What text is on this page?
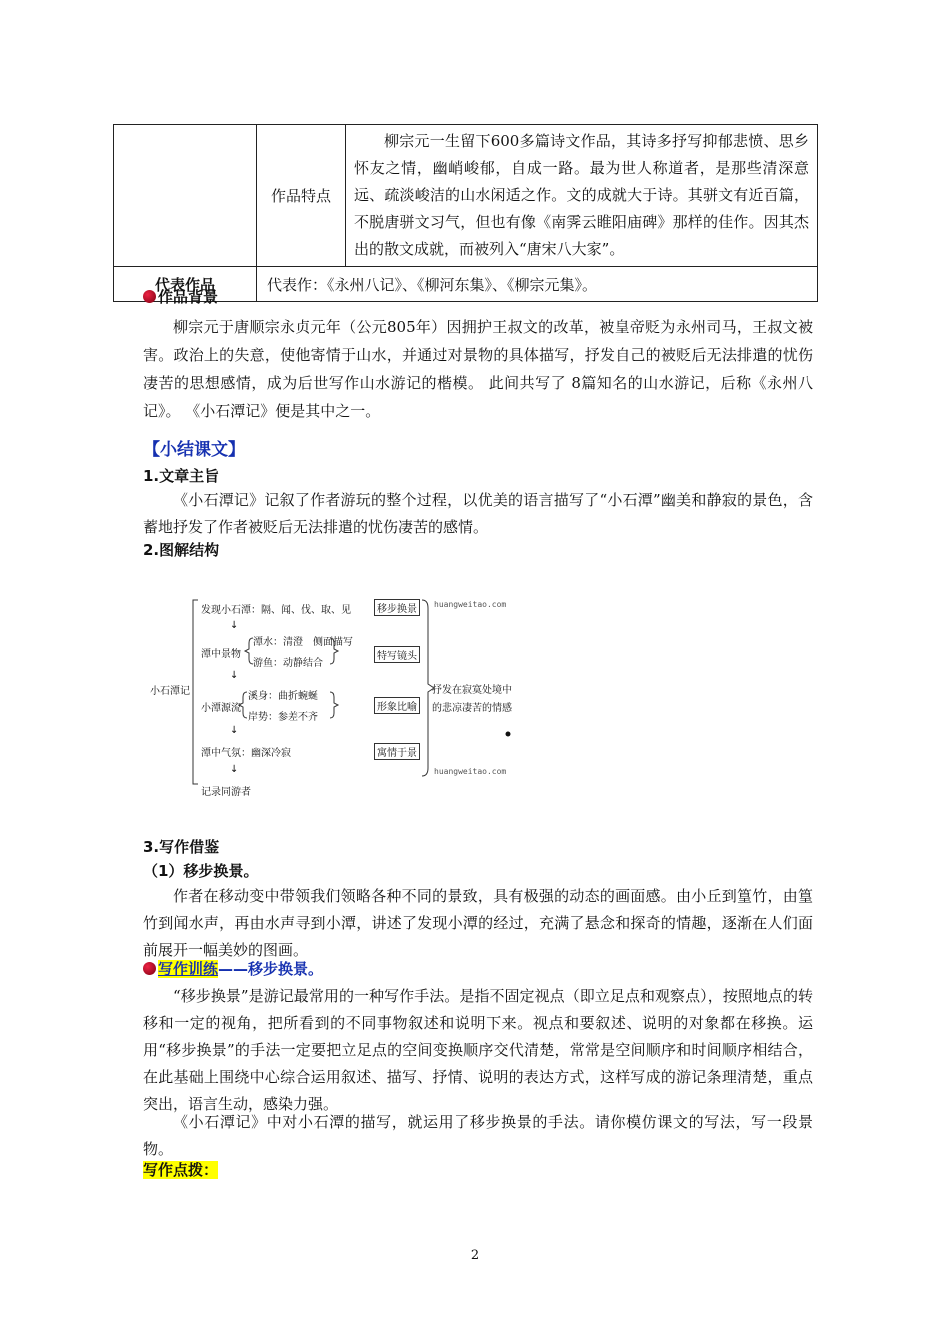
	作品特点	柳宗元一生留下600多篇诗文作品，其诗多抒写抑郁悲愤、思乡怀友之情，幽峭峻郁，自成一路。最为世人称道者，是那些清深意远、疏淡峻洁的山水闲适之作。文的成就大于诗。其骈文有近百篇，不脱唐骈文习气，但也有像《南霁云睢阳庙碑》那样的佳作。因其杰出的散文成就，而被列入“唐宋八大家”。
代表作品	代表作：《永州八记》、《柳河东集》、《柳宗元集》。	
作品背景
柳宗元于唐顺宗永贞元年（公元805年）因拥护王叔文的改革，被皇帝贬为永州司马，王叔文被害。政治上的失意，使他寄情于山水，并通过对景物的具体描写，抒发自己的被贬后无法排遣的忧伤凄苦的思想感情，成为后世写作山水游记的楷模。 此间共写了 8篇知名的山水游记，后称《永州八记》。 《小石潭记》便是其中之一。
【小结课文】
1.文章主旨
《小石潭记》记叙了作者游玩的整个过程，以优美的语言描写了“小石潭”幽美和静寂的景色，含蓄地抒发了作者被贬后无法排遣的忧伤凄苦的感情。
2.图解结构
小石潭记
发现小石潭：隔、闻、伐、取、见
↓
潭中景物
潭水：清澄　侧面描写
游鱼：动静结合
↓
小潭源流
溪身：曲折蜿蜒
岸势：参差不齐
↓
潭中气氛：幽深冷寂
↓
记录同游者
移步换景
特写镜头
形象比喻
寓情于景
抒发在寂寞处境中
的悲凉凄苦的情感
huangweitao.com
huangweitao.com
3.写作借鉴
（1）移步换景。
作者在移动变中带领我们领略各种不同的景致，具有极强的动态的画面感。由小丘到篁竹，由篁竹到闻水声，再由水声寻到小潭，讲述了发现小潭的经过，充满了悬念和探奇的情趣，逐渐在人们面前展开一幅美妙的图画。
写作训练——移步换景。
“移步换景”是游记最常用的一种写作手法。是指不固定视点（即立足点和观察点），按照地点的转移和一定的视角，把所看到的不同事物叙述和说明下来。视点和要叙述、说明的对象都在移换。运用“移步换景”的手法一定要把立足点的空间变换顺序交代清楚，常常是空间顺序和时间顺序相结合，在此基础上围绕中心综合运用叙述、描写、抒情、说明的表达方式，这样写成的游记条理清楚，重点突出，语言生动，感染力强。
《小石潭记》中对小石潭的描写，就运用了移步换景的手法。请你模仿课文的写法，写一段景物。
写作点拨：
2
